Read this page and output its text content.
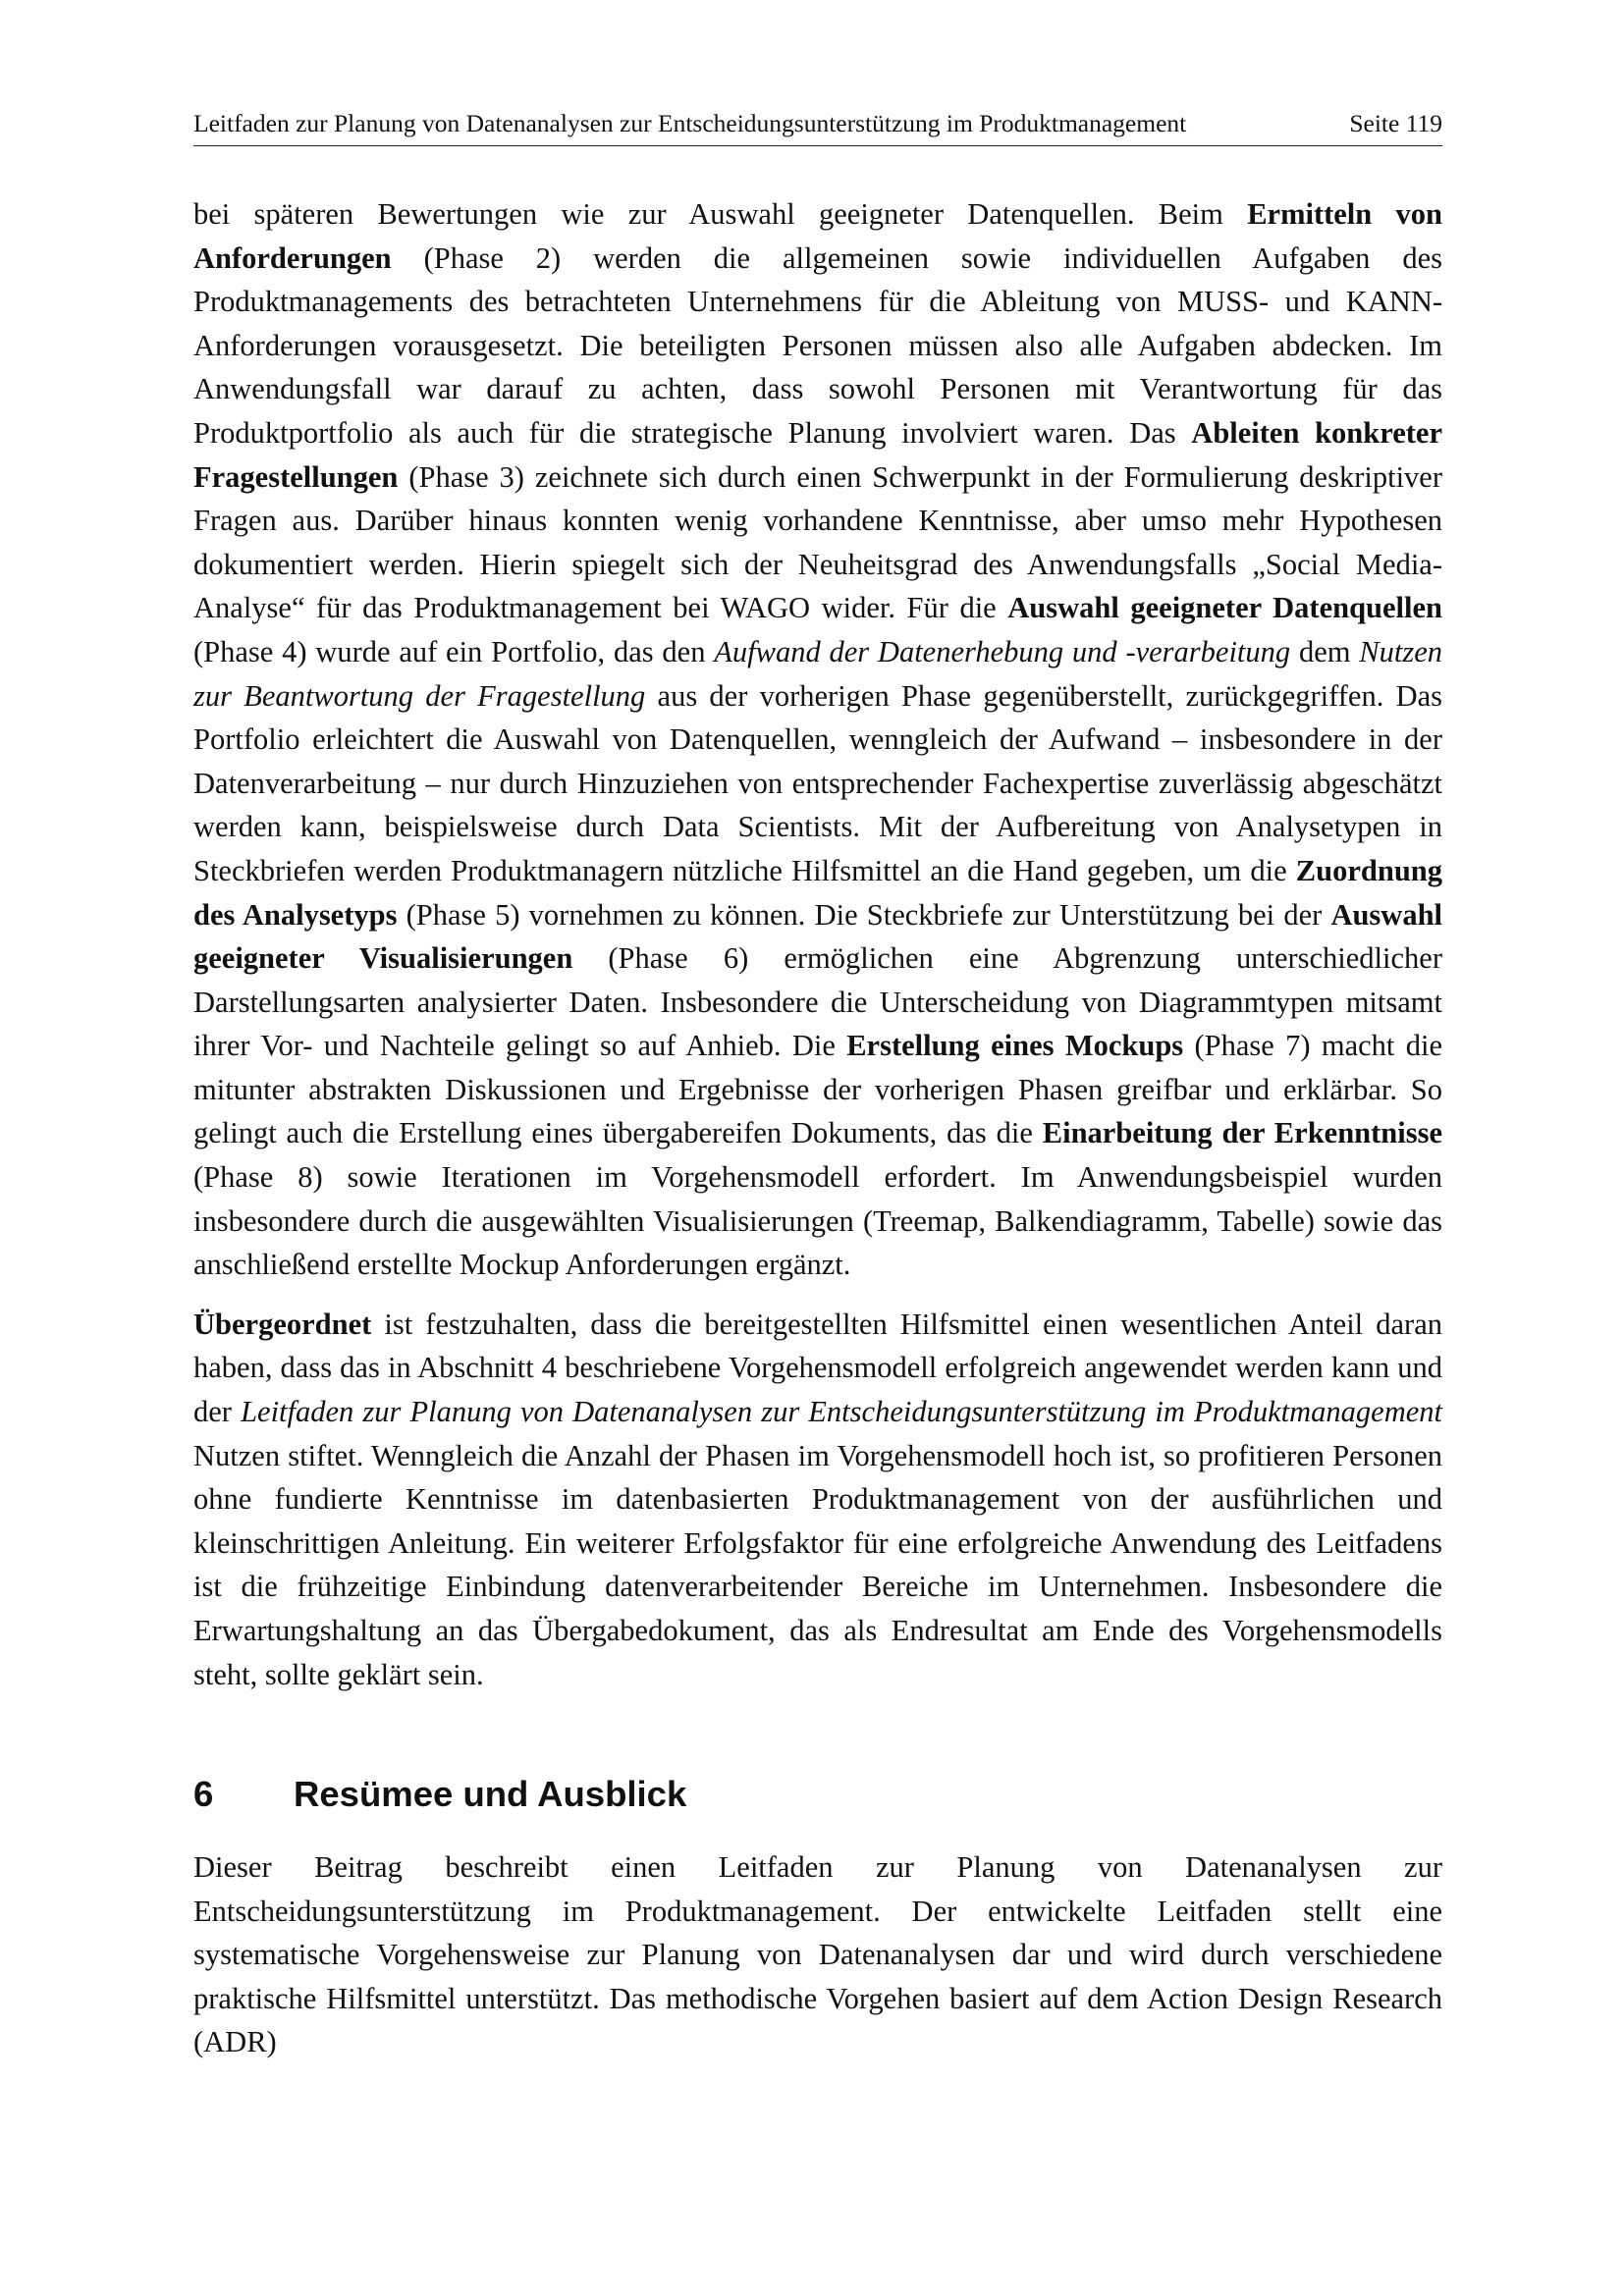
Leitfaden zur Planung von Datenanalysen zur Entscheidungsunterstützung im Produktmanagement	Seite 119

bei späteren Bewertungen wie zur Auswahl geeigneter Datenquellen. Beim Ermitteln von Anforderungen (Phase 2) werden die allgemeinen sowie individuellen Aufgaben des Produktmanagements des betrachteten Unternehmens für die Ableitung von MUSS- und KANN-Anforderungen vorausgesetzt. Die beteiligten Personen müssen also alle Aufgaben abdecken. Im Anwendungsfall war darauf zu achten, dass sowohl Personen mit Verantwortung für das Produktportfolio als auch für die strategische Planung involviert waren. Das Ableiten konkreter Fragestellungen (Phase 3) zeichnete sich durch einen Schwerpunkt in der Formulierung deskriptiver Fragen aus. Darüber hinaus konnten wenig vorhandene Kenntnisse, aber umso mehr Hypothesen dokumentiert werden. Hierin spiegelt sich der Neuheitsgrad des Anwendungsfalls „Social Media-Analyse“ für das Produktmanagement bei WAGO wider. Für die Auswahl geeigneter Datenquellen (Phase 4) wurde auf ein Portfolio, das den Aufwand der Datenerhebung und -verarbeitung dem Nutzen zur Beantwortung der Fragestellung aus der vorherigen Phase gegenüberstellt, zurückgegriffen. Das Portfolio erleichtert die Auswahl von Datenquellen, wenngleich der Aufwand – insbesondere in der Datenverarbeitung – nur durch Hinzuziehen von entsprechender Fachexpertise zuverlässig abgeschätzt werden kann, beispielsweise durch Data Scientists. Mit der Aufbereitung von Analysetypen in Steckbriefen werden Produktmanagern nützliche Hilfsmittel an die Hand gegeben, um die Zuordnung des Analysetyps (Phase 5) vornehmen zu können. Die Steckbriefe zur Unterstützung bei der Auswahl geeigneter Visualisierungen (Phase 6) ermöglichen eine Abgrenzung unterschiedlicher Darstellungsarten analysierter Daten. Insbesondere die Unterscheidung von Diagrammtypen mitsamt ihrer Vor- und Nachteile gelingt so auf Anhieb. Die Erstellung eines Mockups (Phase 7) macht die mitunter abstrakten Diskussionen und Ergebnisse der vorherigen Phasen greifbar und erklärbar. So gelingt auch die Erstellung eines übergabereifen Dokuments, das die Einarbeitung der Erkenntnisse (Phase 8) sowie Iterationen im Vorgehensmodell erfordert. Im Anwendungsbeispiel wurden insbesondere durch die ausgewählten Visualisierungen (Treemap, Balkendiagramm, Tabelle) sowie das anschließend erstellte Mockup Anforderungen ergänzt.

Übergeordnet ist festzuhalten, dass die bereitgestellten Hilfsmittel einen wesentlichen Anteil daran haben, dass das in Abschnitt 4 beschriebene Vorgehensmodell erfolgreich angewendet werden kann und der Leitfaden zur Planung von Datenanalysen zur Entscheidungsunterstützung im Produktmanagement Nutzen stiftet. Wenngleich die Anzahl der Phasen im Vorgehensmodell hoch ist, so profitieren Personen ohne fundierte Kenntnisse im datenbasierten Produktmanagement von der ausführlichen und kleinschrittigen Anleitung. Ein weiterer Erfolgsfaktor für eine erfolgreiche Anwendung des Leitfadens ist die frühzeitige Einbindung datenverarbeitender Bereiche im Unternehmen. Insbesondere die Erwartungshaltung an das Übergabedokument, das als Endresultat am Ende des Vorgehensmodells steht, sollte geklärt sein.

6	Resümee und Ausblick

Dieser Beitrag beschreibt einen Leitfaden zur Planung von Datenanalysen zur Entscheidungsunterstützung im Produktmanagement. Der entwickelte Leitfaden stellt eine systematische Vorgehensweise zur Planung von Datenanalysen dar und wird durch verschiedene praktische Hilfsmittel unterstützt. Das methodische Vorgehen basiert auf dem Action Design Research (ADR)
